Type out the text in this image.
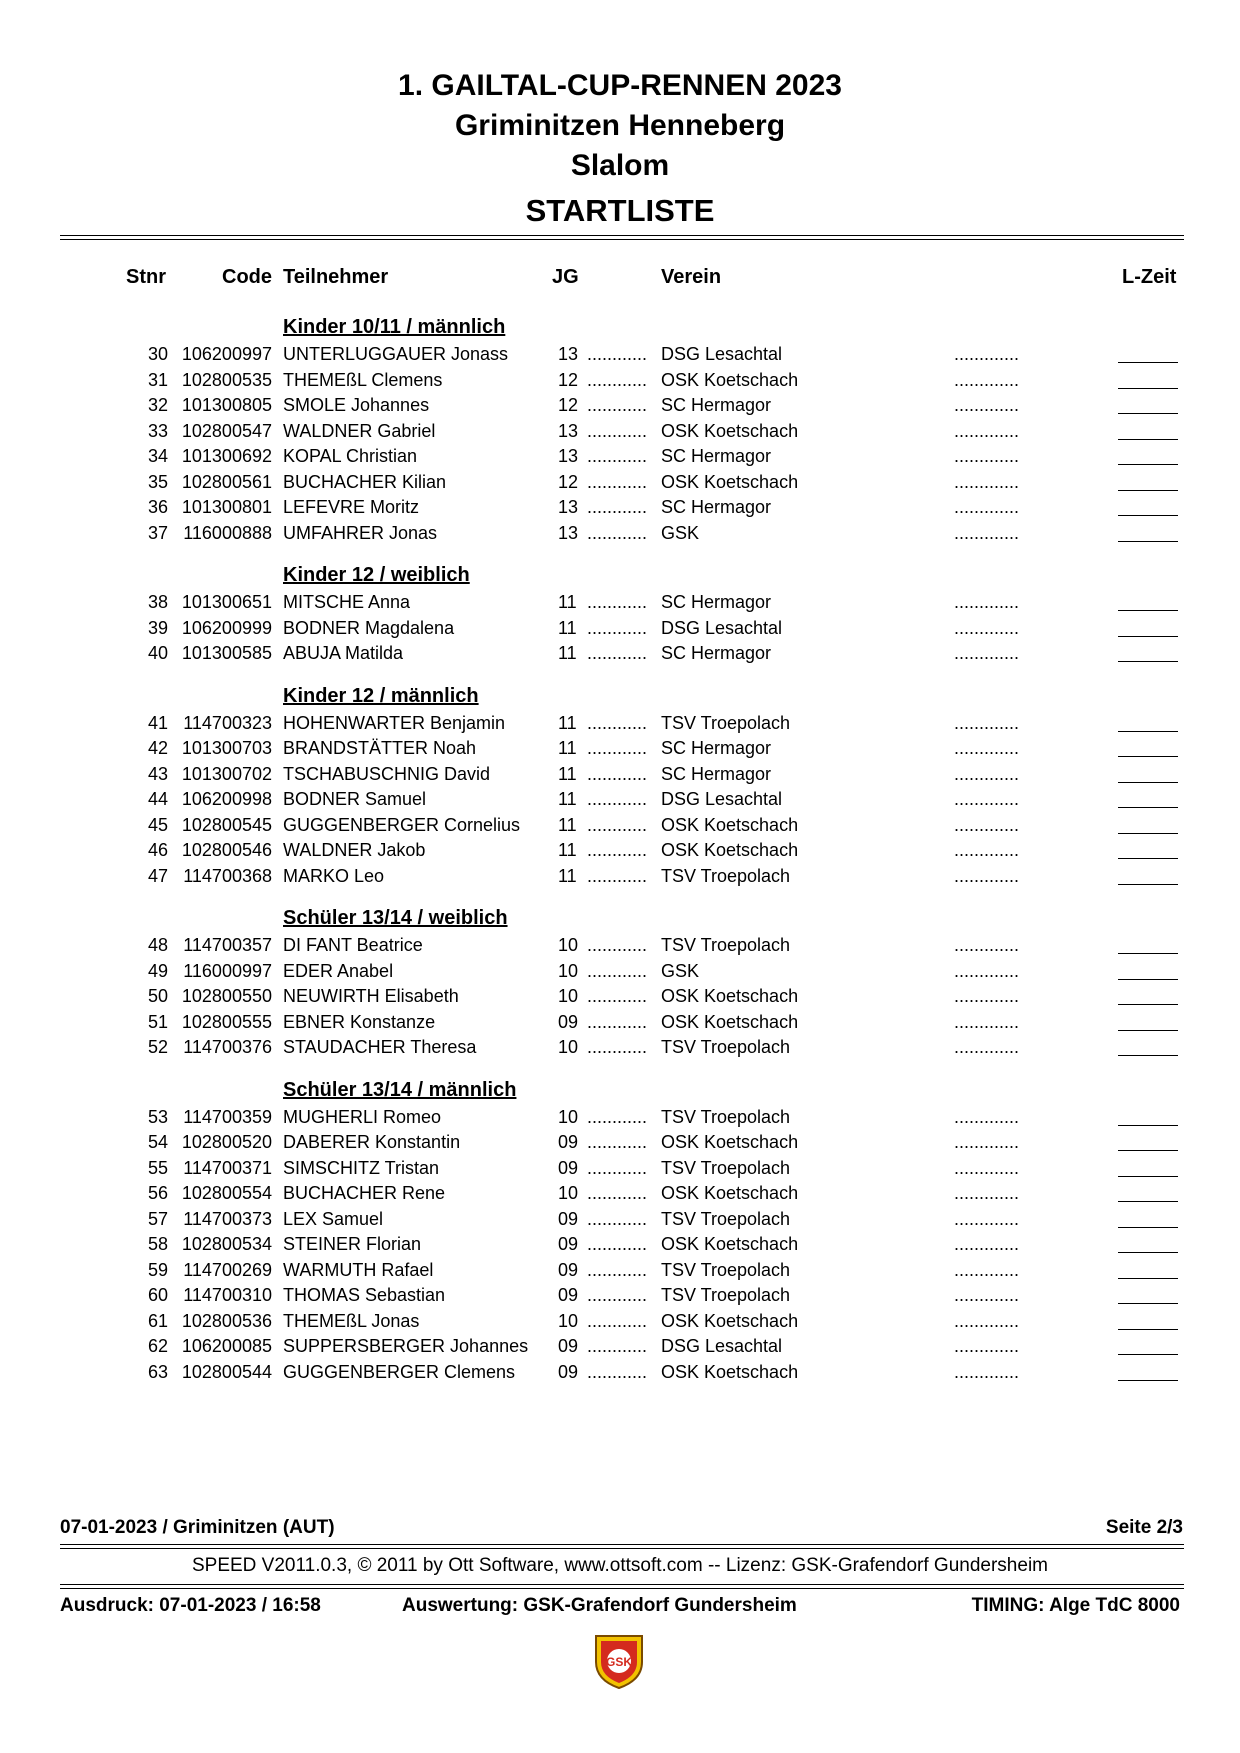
1. GAILTAL-CUP-RENNEN 2023
Griminitzen Henneberg
Slalom
STARTLISTE
Stnr	Code Teilnehmer	JG	Verein	L-Zeit
Kinder 10/11 / männlich
30 106200997 UNTERLUGGAUER Jonass	13 ............ DSG Lesachtal	.............
31 102800535 THEMEßL Clemens	12 ............ OSK Koetschach	.............
32 101300805 SMOLE Johannes	12 ............ SC Hermagor	.............
33 102800547 WALDNER Gabriel	13 ............ OSK Koetschach	.............
34 101300692 KOPAL Christian	13 ............ SC Hermagor	.............
35 102800561 BUCHACHER Kilian	12 ............ OSK Koetschach	.............
36 101300801 LEFEVRE Moritz	13 ............ SC Hermagor	.............
37 116000888 UMFAHRER Jonas	13 ............ GSK	.............
Kinder 12 / weiblich
38 101300651 MITSCHE Anna	11 ............ SC Hermagor	.............
39 106200999 BODNER Magdalena	11 ............ DSG Lesachtal	.............
40 101300585 ABUJA Matilda	11 ............ SC Hermagor	.............
Kinder 12 / männlich
41 114700323 HOHENWARTER Benjamin	11 ............ TSV Troepolach	.............
42 101300703 BRANDSTÄTTER Noah	11 ............ SC Hermagor	.............
43 101300702 TSCHABUSCHNIG David	11 ............ SC Hermagor	.............
44 106200998 BODNER Samuel	11 ............ DSG Lesachtal	.............
45 102800545 GUGGENBERGER Cornelius 11 ............ OSK Koetschach	.............
46 102800546 WALDNER Jakob	11 ............ OSK Koetschach	.............
47 114700368 MARKO Leo	11 ............ TSV Troepolach	.............
Schüler 13/14 / weiblich
48 114700357 DI FANT Beatrice	10 ............ TSV Troepolach	.............
49 116000997 EDER Anabel	10 ............ GSK	.............
50 102800550 NEUWIRTH Elisabeth	10 ............ OSK Koetschach	.............
51 102800555 EBNER Konstanze	09 ............ OSK Koetschach	.............
52 114700376 STAUDACHER Theresa	10 ............ TSV Troepolach	.............
Schüler 13/14 / männlich
53 114700359 MUGHERLI Romeo	10 ............ TSV Troepolach	.............
54 102800520 DABERER Konstantin	09 ............ OSK Koetschach	.............
55 114700371 SIMSCHITZ Tristan	09 ............ TSV Troepolach	.............
56 102800554 BUCHACHER Rene	10 ............ OSK Koetschach	.............
57 114700373 LEX Samuel	09 ............ TSV Troepolach	.............
58 102800534 STEINER Florian	09 ............ OSK Koetschach	.............
59 114700269 WARMUTH Rafael	09 ............ TSV Troepolach	.............
60 114700310 THOMAS Sebastian	09 ............ TSV Troepolach	.............
61 102800536 THEMEßL Jonas	10 ............ OSK Koetschach	.............
62 106200085 SUPPERSBERGER Johannes 09 ............ DSG Lesachtal	.............
63 102800544 GUGGENBERGER Clemens 09 ............ OSK Koetschach	.............
07-01-2023 / Griminitzen (AUT)	Seite 2/3
SPEED V2011.0.3, © 2011 by Ott Software, www.ottsoft.com -- Lizenz: GSK-Grafendorf Gundersheim
Ausdruck: 07-01-2023 / 16:58	Auswertung: GSK-Grafendorf Gundersheim	TIMING: Alge TdC 8000
GSK
